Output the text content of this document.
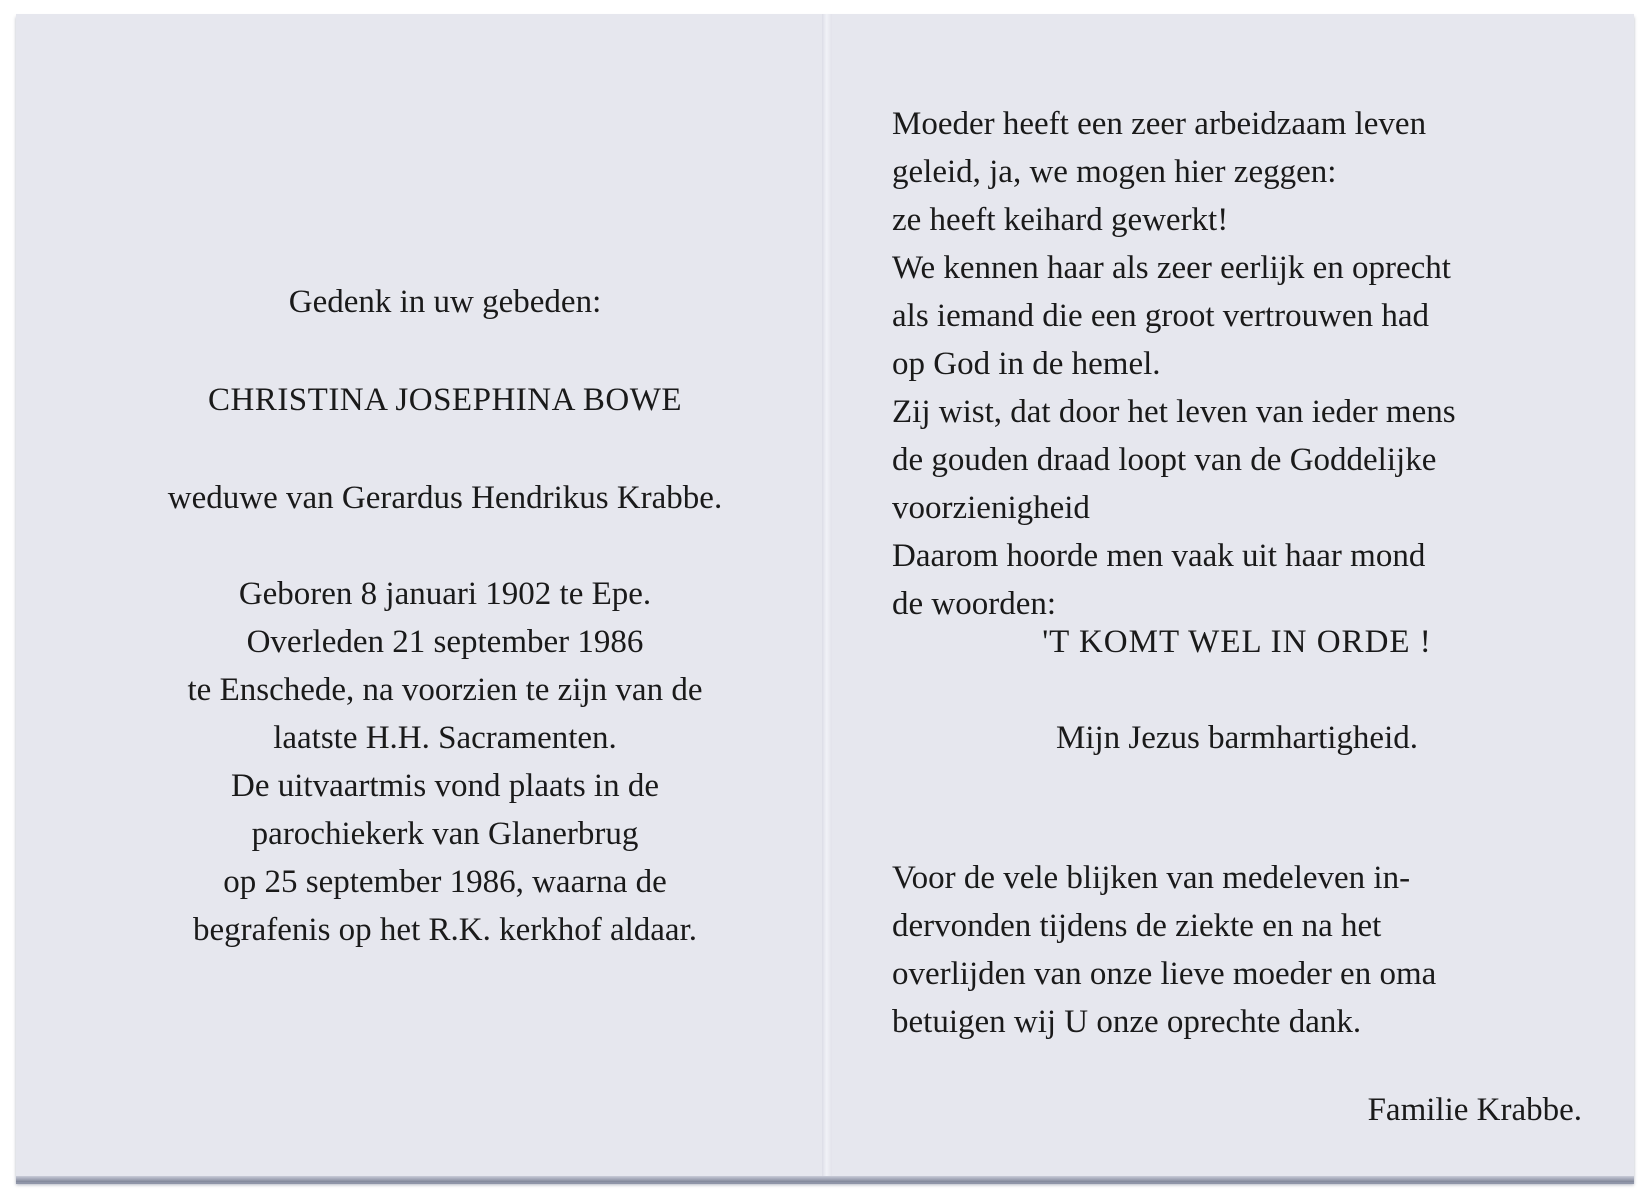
Gedenk in uw gebeden:
CHRISTINA JOSEPHINA BOWE
weduwe van Gerardus Hendrikus Krabbe.
Geboren 8 januari 1902 te Epe.
Overleden 21 september 1986
te Enschede, na voorzien te zijn van de
laatste H.H. Sacramenten.
De uitvaartmis vond plaats in de
parochiekerk van Glanerbrug
op 25 september 1986, waarna de
begrafenis op het R.K. kerkhof aldaar.
Moeder heeft een zeer arbeidzaam leven
geleid, ja, we mogen hier zeggen:
ze heeft keihard gewerkt!
We kennen haar als zeer eerlijk en oprecht
als iemand die een groot vertrouwen had
op God in de hemel.
Zij wist, dat door het leven van ieder mens
de gouden draad loopt van de Goddelijke
voorzienigheid
Daarom hoorde men vaak uit haar mond
de woorden:
'T KOMT WEL IN ORDE !
Mijn Jezus barmhartigheid.
Voor de vele blijken van medeleven in-
dervonden tijdens de ziekte en na het
overlijden van onze lieve moeder en oma
betuigen wij U onze oprechte dank.
Familie Krabbe.
